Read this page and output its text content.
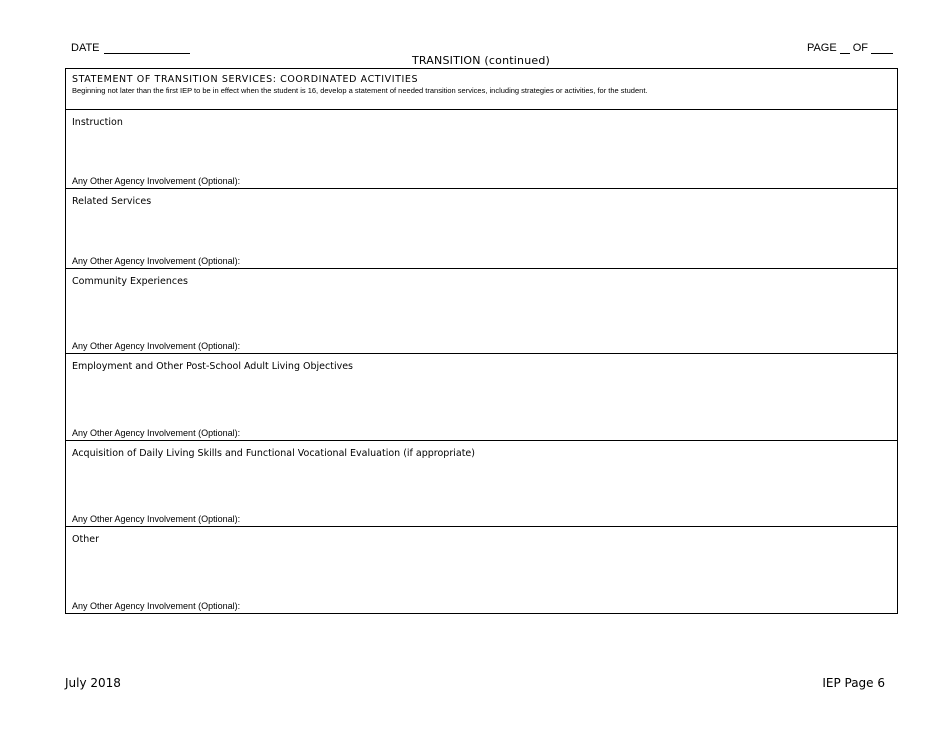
DATE	PAGE OF
TRANSITION (continued)
STATEMENT OF TRANSITION SERVICES: COORDINATED ACTIVITIES
Beginning not later than the first IEP to be in effect when the student is 16, develop a statement of needed transition services, including strategies or activities, for the student.
Instruction
Any Other Agency Involvement (Optional):
Related Services
Any Other Agency Involvement (Optional):
Community Experiences
Any Other Agency Involvement (Optional):
Employment and Other Post-School Adult Living Objectives
Any Other Agency Involvement (Optional):
Acquisition of Daily Living Skills and Functional Vocational Evaluation (if appropriate)
Any Other Agency Involvement (Optional):
Other
Any Other Agency Involvement (Optional):
July 2018	IEP Page 6
